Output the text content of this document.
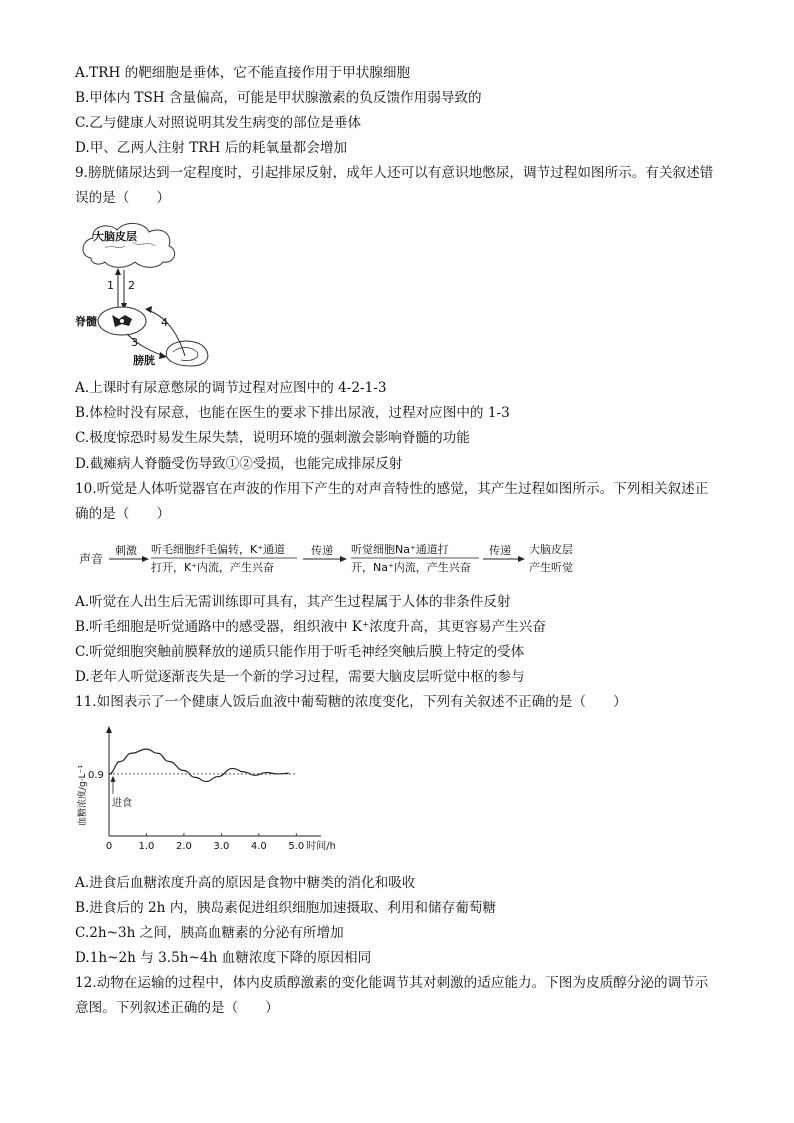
A.TRH 的靶细胞是垂体，它不能直接作用于甲状腺细胞
B.甲体内 TSH 含量偏高，可能是甲状腺激素的负反馈作用弱导致的
C.乙与健康人对照说明其发生病变的部位是垂体
D.甲、乙两人注射 TRH 后的耗氧量都会增加
9.膀胱储尿达到一定程度时，引起排尿反射，成年人还可以有意识地憋尿，调节过程如图所示。有关叙述错
误的是（　　）
大脑皮层
1 2
脊髓	4
3
膀胱
A.上课时有尿意憋尿的调节过程对应图中的 4-2-1-3
B.体检时没有尿意，也能在医生的要求下排出尿液，过程对应图中的 1-3
C.极度惊恐时易发生尿失禁，说明环境的强刺激会影响脊髓的功能
D.截瘫病人脊髓受伤导致①②受损，也能完成排尿反射
10.听觉是人体听觉器官在声波的作用下产生的对声音特性的感觉，其产生过程如图所示。下列相关叙述正
确的是（　　）
声音
刺激 听毛细胞纤毛偏转，K⁺通道
打开，K⁺内流，产生兴奋
传递 听觉细胞Na⁺通道打
开，Na⁺内流，产生兴奋
传递 大脑皮层
产生听觉
A.听觉在人出生后无需训练即可具有，其产生过程属于人体的非条件反射
B.听毛细胞是听觉通路中的感受器，组织液中 K⁺浓度升高，其更容易产生兴奋
C.听觉细胞突触前膜释放的递质只能作用于听毛神经突触后膜上特定的受体
D.老年人听觉逐渐丧失是一个新的学习过程，需要大脑皮层听觉中枢的参与
11.如图表示了一个健康人饭后血液中葡萄糖的浓度变化，下列有关叙述不正确的是（　　）
血糖浓度/g·L⁻¹
0	1.0 2.0 3.0 4.0 5.0 时间/h
0.9
进食
A.进食后血糖浓度升高的原因是食物中糖类的消化和吸收
B.进食后的 2h 内，胰岛素促进组织细胞加速摄取、利用和储存葡萄糖
C.2h~3h 之间，胰高血糖素的分泌有所增加
D.1h~2h 与 3.5h~4h 血糖浓度下降的原因相同
12.动物在运输的过程中，体内皮质醇激素的变化能调节其对刺激的适应能力。下图为皮质醇分泌的调节示
意图。下列叙述正确的是（　　）
